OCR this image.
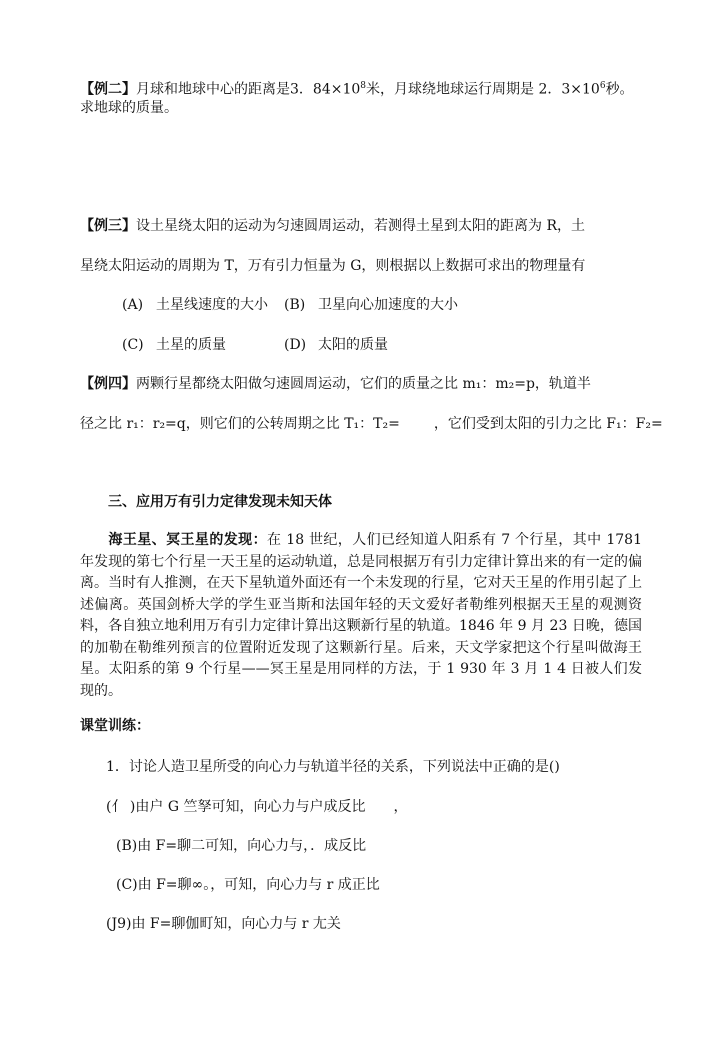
【例二】月球和地球中心的距离是3．$84\times 10^8$米，月球绕地球运行周期是 2．$3\times 10^6$秒。
求地球的质量。
【例三】设土星绕太阳的运动为匀速圆周运动，若测得土星到太阳的距离为 R，土
星绕太阳运动的周期为 T，万有引力恒量为 G，则根据以上数据可求出的物理量有
(A) 土星线速度的大小 (B) 卫星向心加速度的大小
(C) 土星的质量	(D) 太阳的质量
【例四】两颗行星都绕太阳做匀速圆周运动，它们的质量之比 m₁：m₂=p，轨道半
径之比 r₁：r₂=q，则它们的公转周期之比 T₁：T₂= ，它们受到太阳的引力之比 F₁：F₂=
三、应用万有引力定律发现未知天体
海王星、冥王星的发现：在 18 世纪，人们已经知道人阳系有 7 个行星，其中 1781 年发现的第七个行星一天王星的运动轨道，总是同根据万有引力定律计算出来的有一定的偏离。当时有人推测，在天下星轨道外面还有一个未发现的行星，它对天王星的作用引起了上述偏离。英国剑桥大学的学生亚当斯和法国年轻的天文爱好者勒维列根据天王星的观测资料，各自独立地利用万有引力定律计算出这颗新行星的轨道。1846 年 9 月 23 日晚，德国的加勒在勒维列预言的位置附近发现了这颗新行星。后来，天文学家把这个行星叫做海王星。太阳系的第 9 个行星——冥王星是用同样的方法，于 1 930 年 3 月 1 4 日被人们发现的。
课堂训练：
1．讨论人造卫星所受的向心力与轨道半径的关系，下列说法中正确的是()
(亻 )由户 G 竺孥可知，向心力与户成反比　　，
(B)由 F=聊二可知，向心力与，．成反比
(C)由 F=聊∞。，可知，向心力与 r 成正比
(J9)由 F=聊伽町知，向心力与 r 尢关
